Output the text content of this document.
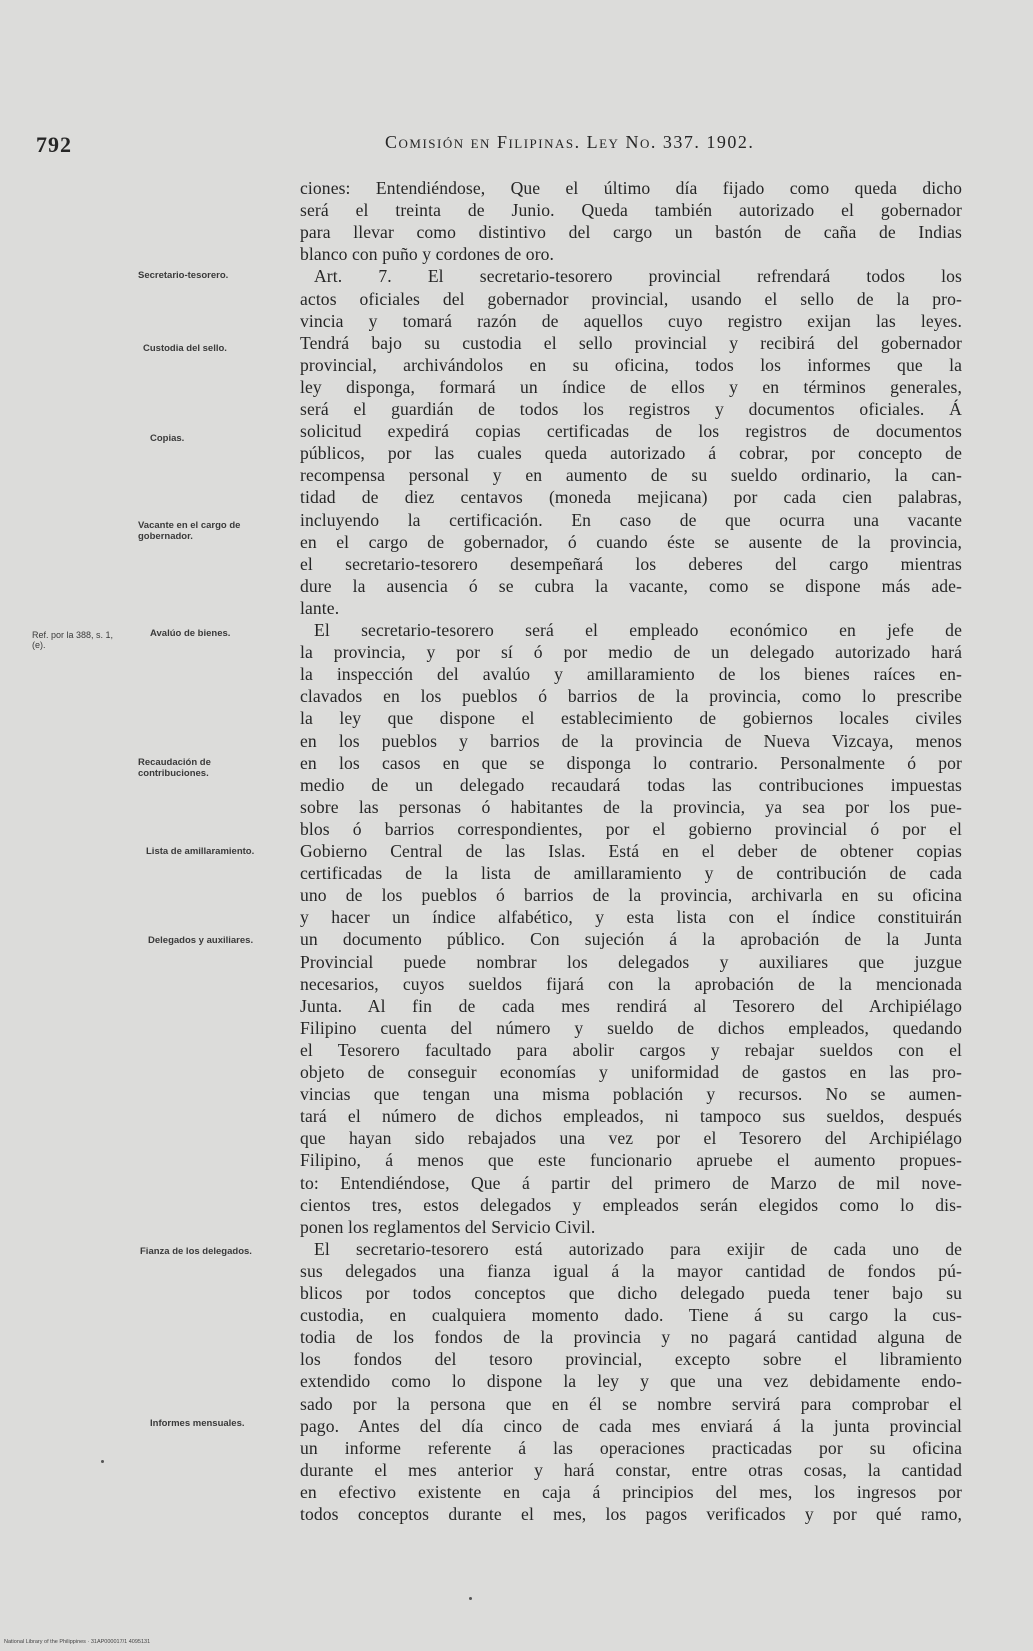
792	Comisión en Filipinas. Ley No. 337. 1902.
Ref. por la 388, s. 1, (e).
Secretario-tesorero.
Custodia del sello.
Copias.
Vacante en el cargo de gobernador.
Avalúo de bienes.
Recaudación de contribuciones.
Lista de amillaramiento.
Delegados y auxiliares.
Fianza de los delegados.
Informes mensuales.
ciones: Entendiéndose, Que el último día fijado como queda dicho
será el treinta de Junio. Queda también autorizado el gobernador
para llevar como distintivo del cargo un bastón de caña de Indias
blanco con puño y cordones de oro.
Art. 7. El secretario-tesorero provincial refrendará todos los
actos oficiales del gobernador provincial, usando el sello de la pro-
vincia y tomará razón de aquellos cuyo registro exijan las leyes.
Tendrá bajo su custodia el sello provincial y recibirá del gobernador
provincial, archivándolos en su oficina, todos los informes que la
ley disponga, formará un índice de ellos y en términos generales,
será el guardián de todos los registros y documentos oficiales. Á
solicitud expedirá copias certificadas de los registros de documentos
públicos, por las cuales queda autorizado á cobrar, por concepto de
recompensa personal y en aumento de su sueldo ordinario, la can-
tidad de diez centavos (moneda mejicana) por cada cien palabras,
incluyendo la certificación. En caso de que ocurra una vacante
en el cargo de gobernador, ó cuando éste se ausente de la provincia,
el secretario-tesorero desempeñará los deberes del cargo mientras
dure la ausencia ó se cubra la vacante, como se dispone más ade-
lante.
El secretario-tesorero será el empleado económico en jefe de
la provincia, y por sí ó por medio de un delegado autorizado hará
la inspección del avalúo y amillaramiento de los bienes raíces en-
clavados en los pueblos ó barrios de la provincia, como lo prescribe
la ley que dispone el establecimiento de gobiernos locales civiles
en los pueblos y barrios de la provincia de Nueva Vizcaya, menos
en los casos en que se disponga lo contrario. Personalmente ó por
medio de un delegado recaudará todas las contribuciones impuestas
sobre las personas ó habitantes de la provincia, ya sea por los pue-
blos ó barrios correspondientes, por el gobierno provincial ó por el
Gobierno Central de las Islas. Está en el deber de obtener copias
certificadas de la lista de amillaramiento y de contribución de cada
uno de los pueblos ó barrios de la provincia, archivarla en su oficina
y hacer un índice alfabético, y esta lista con el índice constituirán
un documento público. Con sujeción á la aprobación de la Junta
Provincial puede nombrar los delegados y auxiliares que juzgue
necesarios, cuyos sueldos fijará con la aprobación de la mencionada
Junta. Al fin de cada mes rendirá al Tesorero del Archipiélago
Filipino cuenta del número y sueldo de dichos empleados, quedando
el Tesorero facultado para abolir cargos y rebajar sueldos con el
objeto de conseguir economías y uniformidad de gastos en las pro-
vincias que tengan una misma población y recursos. No se aumen-
tará el número de dichos empleados, ni tampoco sus sueldos, después
que hayan sido rebajados una vez por el Tesorero del Archipiélago
Filipino, á menos que este funcionario apruebe el aumento propues-
to: Entendiéndose, Que á partir del primero de Marzo de mil nove-
cientos tres, estos delegados y empleados serán elegidos como lo dis-
ponen los reglamentos del Servicio Civil.
El secretario-tesorero está autorizado para exijir de cada uno de
sus delegados una fianza igual á la mayor cantidad de fondos pú-
blicos por todos conceptos que dicho delegado pueda tener bajo su
custodia, en cualquiera momento dado. Tiene á su cargo la cus-
todia de los fondos de la provincia y no pagará cantidad alguna de
los fondos del tesoro provincial, excepto sobre el libramiento
extendido como lo dispone la ley y que una vez debidamente endo-
sado por la persona que en él se nombre servirá para comprobar el
pago. Antes del día cinco de cada mes enviará á la junta provincial
un informe referente á las operaciones practicadas por su oficina
durante el mes anterior y hará constar, entre otras cosas, la cantidad
en efectivo existente en caja á principios del mes, los ingresos por
todos conceptos durante el mes, los pagos verificados y por qué ramo,
National Library of the Philippines · 31AP000017/1 4095131
